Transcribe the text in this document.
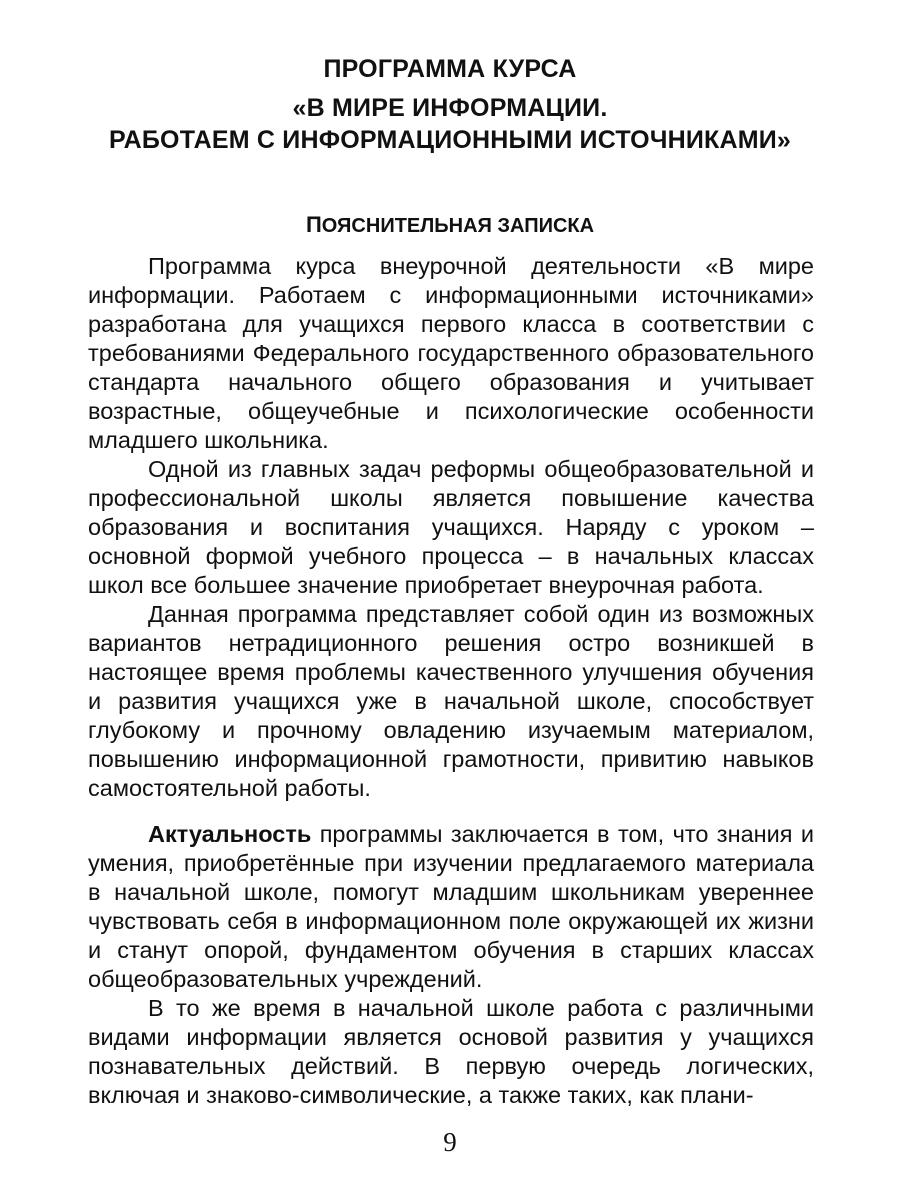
ПРОГРАММА КУРСА
«В МИРЕ ИНФОРМАЦИИ.
РАБОТАЕМ С ИНФОРМАЦИОННЫМИ ИСТОЧНИКАМИ»
ПОЯСНИТЕЛЬНАЯ ЗАПИСКА

Программа курса внеурочной деятельности «В мире информации. Работаем с информационными источниками» разработана для учащихся первого класса в соответствии с требованиями Федерального государственного образовательного стандарта начального общего образования и учитывает возрастные, общеучебные и психологические особенности младшего школьника.

Одной из главных задач реформы общеобразовательной и профессиональной школы является повышение качества образования и воспитания учащихся. Наряду с уроком – основной формой учебного процесса – в начальных классах школ все большее значение приобретает внеурочная работа.

Данная программа представляет собой один из возможных вариантов нетрадиционного решения остро возникшей в настоящее время проблемы качественного улучшения обучения и развития учащихся уже в начальной школе, способствует глубокому и прочному овладению изучаемым материалом, повышению информационной грамотности, привитию навыков самостоятельной работы.

Актуальность программы заключается в том, что знания и умения, приобретённые при изучении предлагаемого материала в начальной школе, помогут младшим школьникам увереннее чувствовать себя в информационном поле окружающей их жизни и станут опорой, фундаментом обучения в старших классах общеобразовательных учреждений.

В то же время в начальной школе работа с различными видами информации является основой развития у учащихся познавательных действий. В первую очередь логических, включая и знаково-символические, а также таких, как плани-

9
